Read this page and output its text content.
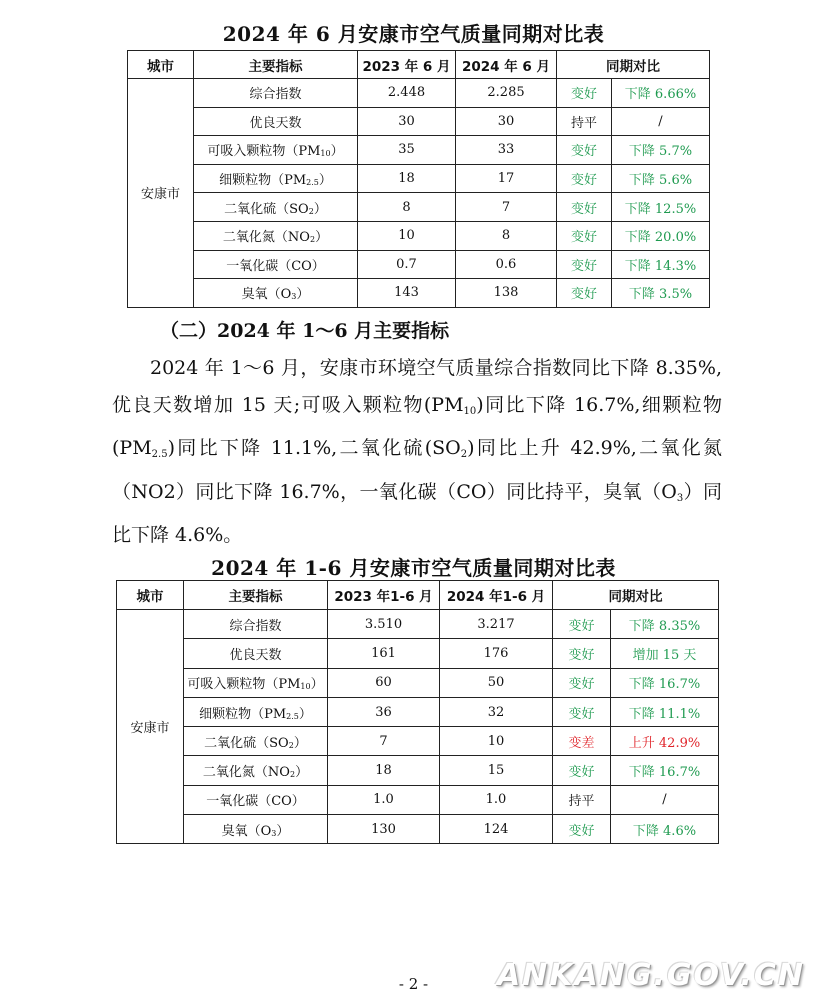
2024 年 6 月安康市空气质量同期对比表
城市	主要指标	2023 年 6 月	2024 年 6 月	同期对比	
安康市	综合指数	2.448	2.285	变好	下降 6.66%
	优良天数	30	30	持平	/
	可吸入颗粒物（PM10）	35	33	变好	下降 5.7%
	细颗粒物（PM2.5）	18	17	变好	下降 5.6%
	二氧化硫（SO2）	8	7	变好	下降 12.5%
	二氧化氮（NO2）	10	8	变好	下降 20.0%
	一氧化碳（CO）	0.7	0.6	变好	下降 14.3%
	臭氧（O3）	143	138	变好	下降 3.5%
（二）2024 年 1～6 月主要指标
2024 年 1～6 月，安康市环境空气质量综合指数同比下降 8.35%,优良天数增加 15 天;可吸入颗粒物(PM10)同比下降 16.7%,细颗粒物(PM2.5)同比下降 11.1%,二氧化硫(SO2)同比上升 42.9%,二氧化氮（NO2）同比下降 16.7%，一氧化碳（CO）同比持平，臭氧（O3）同比下降 4.6%。
2024 年 1-6 月安康市空气质量同期对比表
城市	主要指标	2023 年1-6 月	2024 年1-6 月	同期对比	
安康市	综合指数	3.510	3.217	变好	下降 8.35%
	优良天数	161	176	变好	增加 15 天
	可吸入颗粒物（PM10）	60	50	变好	下降 16.7%
	细颗粒物（PM2.5）	36	32	变好	下降 11.1%
	二氧化硫（SO2）	7	10	变差	上升 42.9%
	二氧化氮（NO2）	18	15	变好	下降 16.7%
	一氧化碳（CO）	1.0	1.0	持平	/
	臭氧（O3）	130	124	变好	下降 4.6%
- 2 -	ANKANG.GOV.CN
